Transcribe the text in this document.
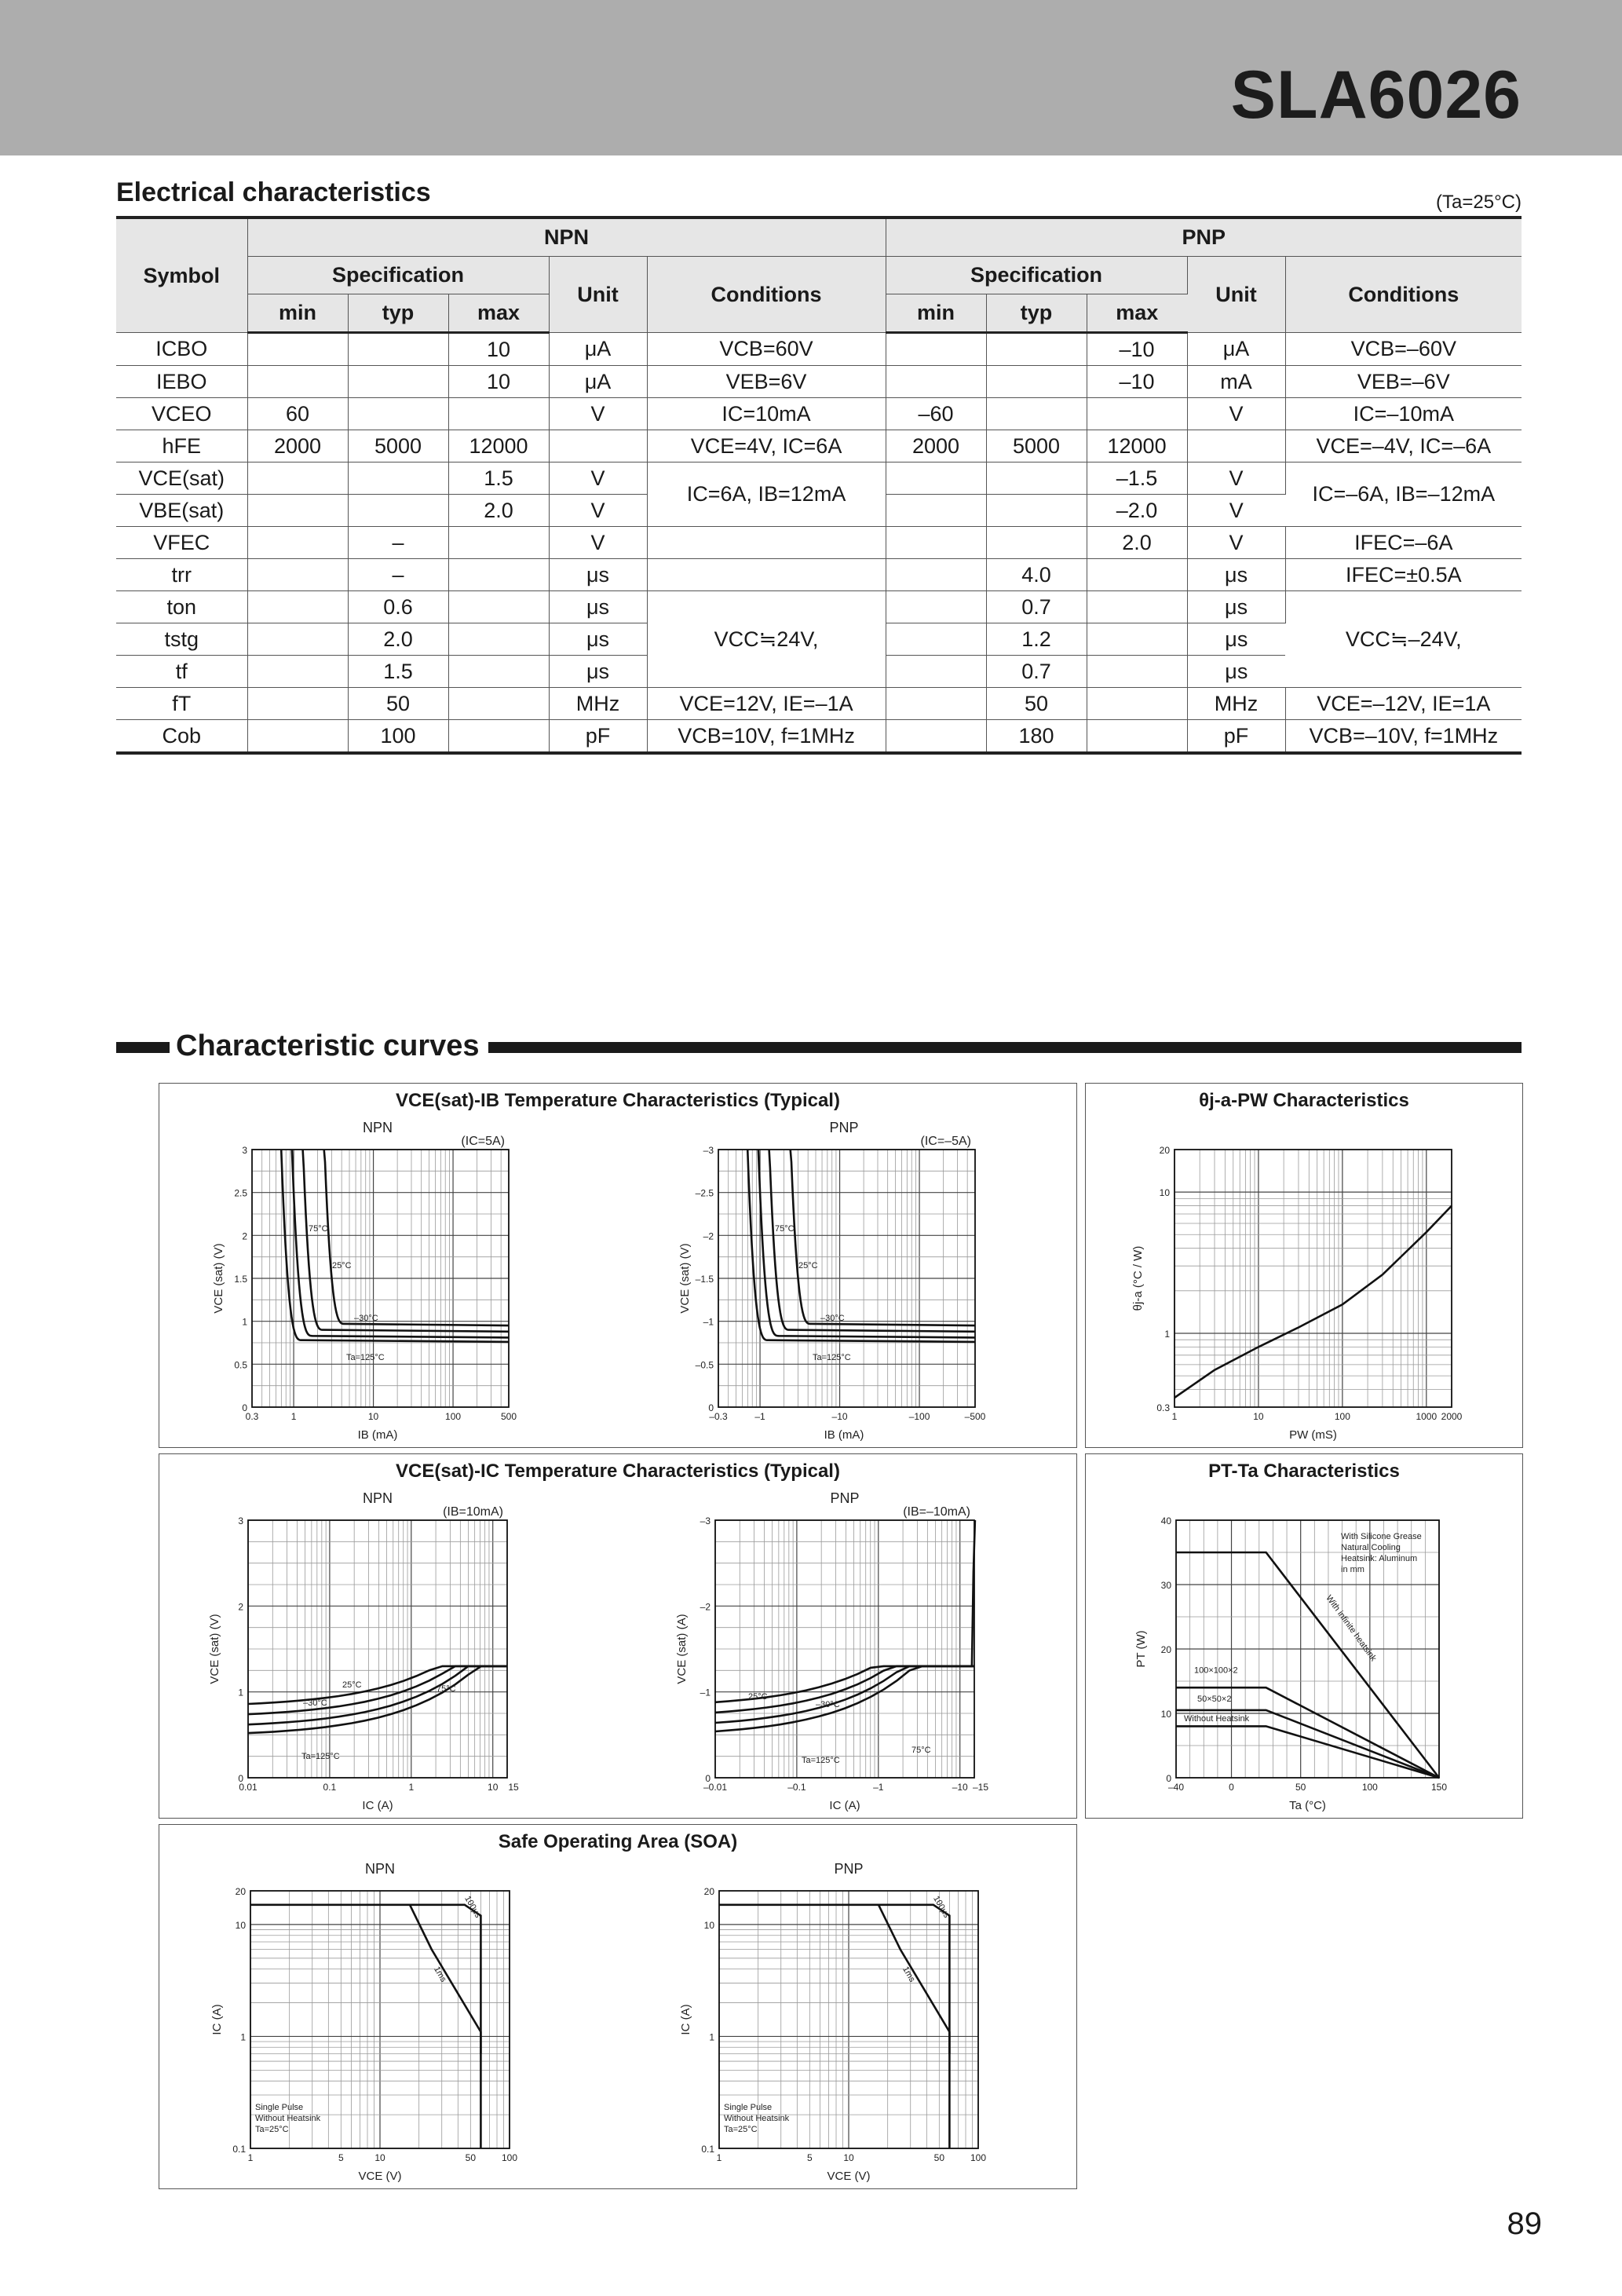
SLA6026
Electrical characteristics	(Ta=25°C)
Symbol	NPN					PNP				
	Specification			Unit	Conditions	Specification			Unit	Conditions
	min	typ	max			min	typ	max		
ICBO			10	μA	VCB=60V			–10	μA	VCB=–60V
IEBO			10	μA	VEB=6V			–10	mA	VEB=–6V
VCEO	60			V	IC=10mA	–60			V	IC=–10mA
hFE	2000	5000	12000		VCE=4V, IC=6A	2000	5000	12000		VCE=–4V, IC=–6A
VCE(sat)			1.5	V	IC=6A, IB=12mA			–1.5	V	IC=–6A, IB=–12mA
VBE(sat)			2.0	V				–2.0	V	
VFEC		–		V				2.0	V	IFEC=–6A
trr		–		μs			4.0		μs	IFEC=±0.5A
ton		0.6		μs	VCC≒24V,		0.7		μs	VCC≒–24V,
tstg		2.0		μs			1.2		μs	
tf		1.5		μs			0.7		μs	
fT		50		MHz	VCE=12V, IE=–1A		50		MHz	VCE=–12V, IE=1A
Cob		100		pF	VCB=10V, f=1MHz		180		pF	VCB=–10V, f=1MHz
Characteristic curves
VCE(sat)-IB Temperature Characteristics (Typical)
NPN
(IC=5A)
3
2.5
2
1.5
1
0.5
0
0.3	1	10	100	500
IB (mA)
VCE (sat) (V)
75°C
25°C
–30°C
Ta=125°C
PNP
(IC=–5A)
–3
–2.5
–2
–1.5
–1
–0.5
0
–0.3	–1	–10	–100	–500
IB (mA)
VCE (sat) (V)
75°C
25°C
–30°C
Ta=125°C
θj-a-PW Characteristics
20
10
1
0.3
1	10	100	1000 2000
PW (mS)
θj-a (°C / W)
VCE(sat)-IC Temperature Characteristics (Typical)
NPN
(IB=10mA)
3
2
1
0
0.01	0.1	1	10 15
IC (A)
VCE (sat) (V)
25°C	75°C
–30°C
Ta=125°C
PNP
(IB=–10mA)
–3
–2
–1
0
–0.01	–0.1	–1	–10 –15
IC (A)
VCE (sat) (A)
25°C
–30°C
Ta=125°C
75°C
PT-Ta Characteristics
40
30
20
10
0
–40	0	50	100	150
Ta (°C)
PT (W)
With Silicone Grease
Natural Cooling
Heatsink: Aluminum
in mm
With infinite heatsink
100×100×2
50×50×2
Without Heatsink
Safe Operating Area (SOA)
NPN
20
10
1
0.1
1	5	10	50	100
VCE (V)
IC (A)
100μs
1ms
Single Pulse
Without Heatsink
Ta=25°C
PNP
20
10
1
0.1
1	5	10	50	100
VCE (V)
IC (A)
100μs
1ms
Single Pulse
Without Heatsink
Ta=25°C
89
